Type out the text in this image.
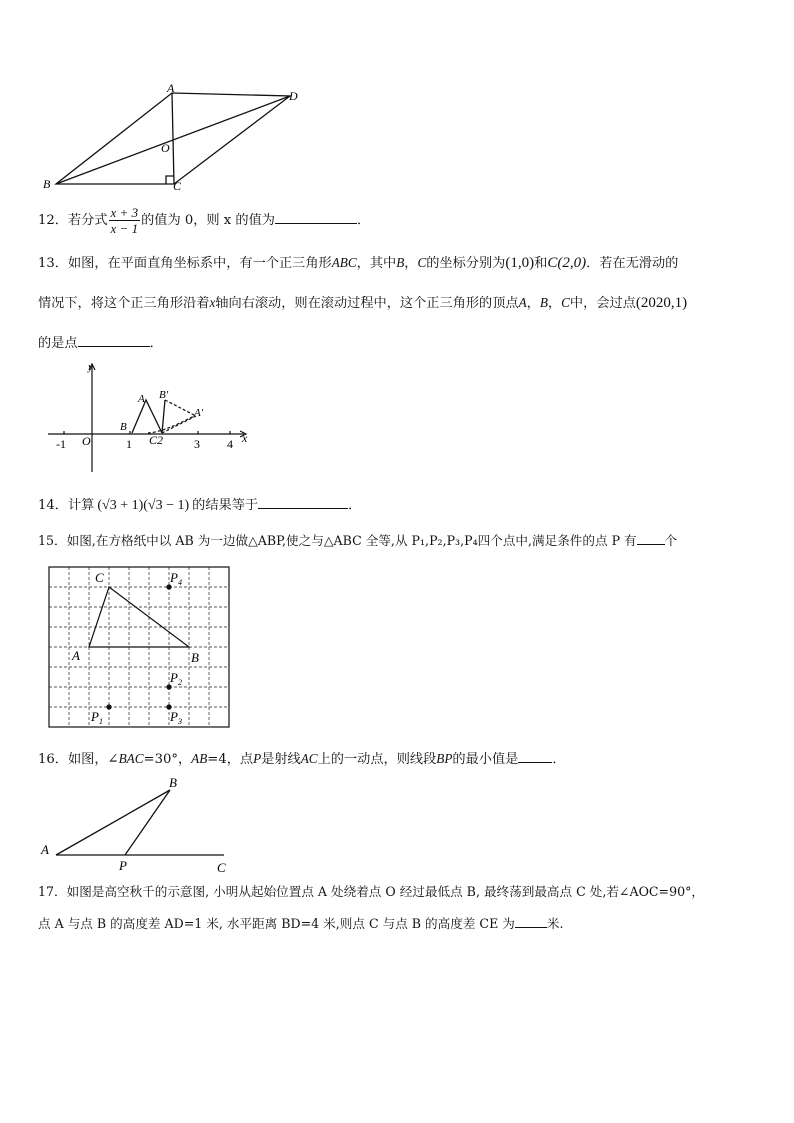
A
D
O
B	C
12．若分式 $\frac{x + 3}{x - 1}$ 的值为 0，则 x 的值为	．
13．如图，在平面直角坐标系中，有一个正三角形ABC，其中B，C的坐标分别为(1,0)和C(2,0)．若在无滑动的
情况下，将这个正三角形沿着x轴向右滚动，则在滚动过程中，这个正三角形的顶点A，B，C中，会过点(2020,1)
的是点	．
y
x
O
-1	1	3 4
A
B
C2
B'
A'
14．计算 (√3 + 1)(√3 − 1) 的结果等于	．
15．如图,在方格纸中以 AB 为一边做△ABP,使之与△ABC 全等,从 P₁,P₂,P₃,P₄四个点中,满足条件的点 P 有 个
C
A	B
$P_4$
$P_2$
$P_1$	$P_3$
16．如图，∠BAC=30°，AB=4，点P是射线AC上的一动点，则线段BP的最小值是	．
A
B
P	C
17．如图是高空秋千的示意图, 小明从起始位置点 A 处绕着点 O 经过最低点 B, 最终荡到最高点 C 处,若∠AOC=90°，
点 A 与点 B 的高度差 AD=1 米, 水平距离 BD=4 米,则点 C 与点 B 的高度差 CE 为	米.
